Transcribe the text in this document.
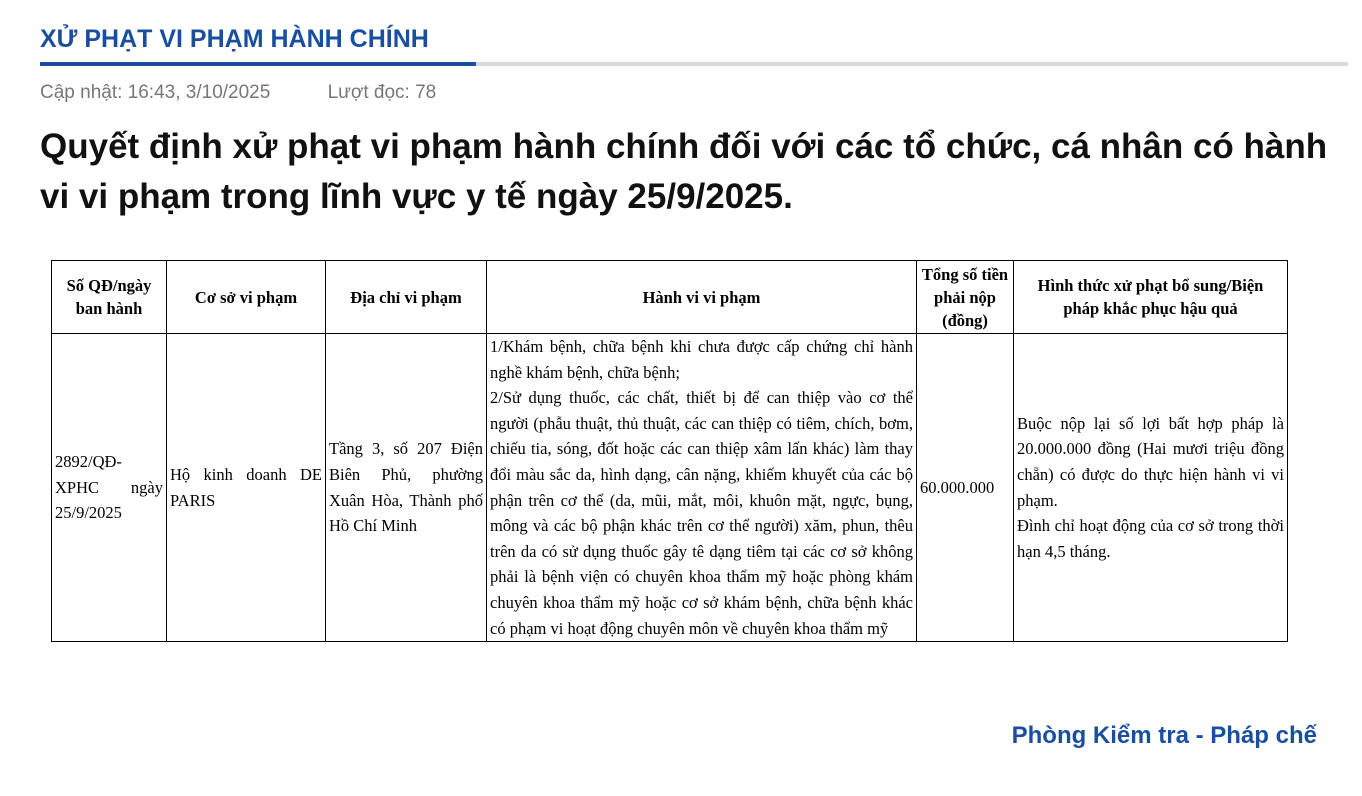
XỬ PHẠT VI PHẠM HÀNH CHÍNH
Cập nhật: 16:43, 3/10/2025	Lượt đọc: 78
Quyết định xử phạt vi phạm hành chính đối với các tổ chức, cá nhân có hành vi vi phạm trong lĩnh vực y tế ngày 25/9/2025.
Số QĐ/ngày ban hành	Cơ sở vi phạm	Địa chỉ vi phạm	Hành vi vi phạm	Tổng số tiền phải nộp (đồng)	Hình thức xử phạt bổ sung/Biện pháp khắc phục hậu quả

2892/QĐ-XPHC ngày 25/9/2025	Hộ kinh doanh DE PARIS	Tầng 3, số 207 Điện Biên Phủ, phường Xuân Hòa, Thành phố Hồ Chí Minh	1/Khám bệnh, chữa bệnh khi chưa được cấp chứng chỉ hành nghề khám bệnh, chữa bệnh;
2/Sử dụng thuốc, các chất, thiết bị để can thiệp vào cơ thể người (phẫu thuật, thủ thuật, các can thiệp có tiêm, chích, bơm, chiếu tia, sóng, đốt hoặc các can thiệp xâm lấn khác) làm thay đổi màu sắc da, hình dạng, cân nặng, khiếm khuyết của các bộ phận trên cơ thể (da, mũi, mắt, môi, khuôn mặt, ngực, bụng, mông và các bộ phận khác trên cơ thể người) xăm, phun, thêu trên da có sử dụng thuốc gây tê dạng tiêm tại các cơ sở không phải là bệnh viện có chuyên khoa thẩm mỹ hoặc phòng khám chuyên khoa thẩm mỹ hoặc cơ sở khám bệnh, chữa bệnh khác có phạm vi hoạt động chuyên môn về chuyên khoa thẩm mỹ	60.000.000	Buộc nộp lại số lợi bất hợp pháp là 20.000.000 đồng (Hai mươi triệu đồng chẵn) có được do thực hiện hành vi vi phạm.
Đình chỉ hoạt động của cơ sở trong thời hạn 4,5 tháng.
Phòng Kiểm tra - Pháp chế
